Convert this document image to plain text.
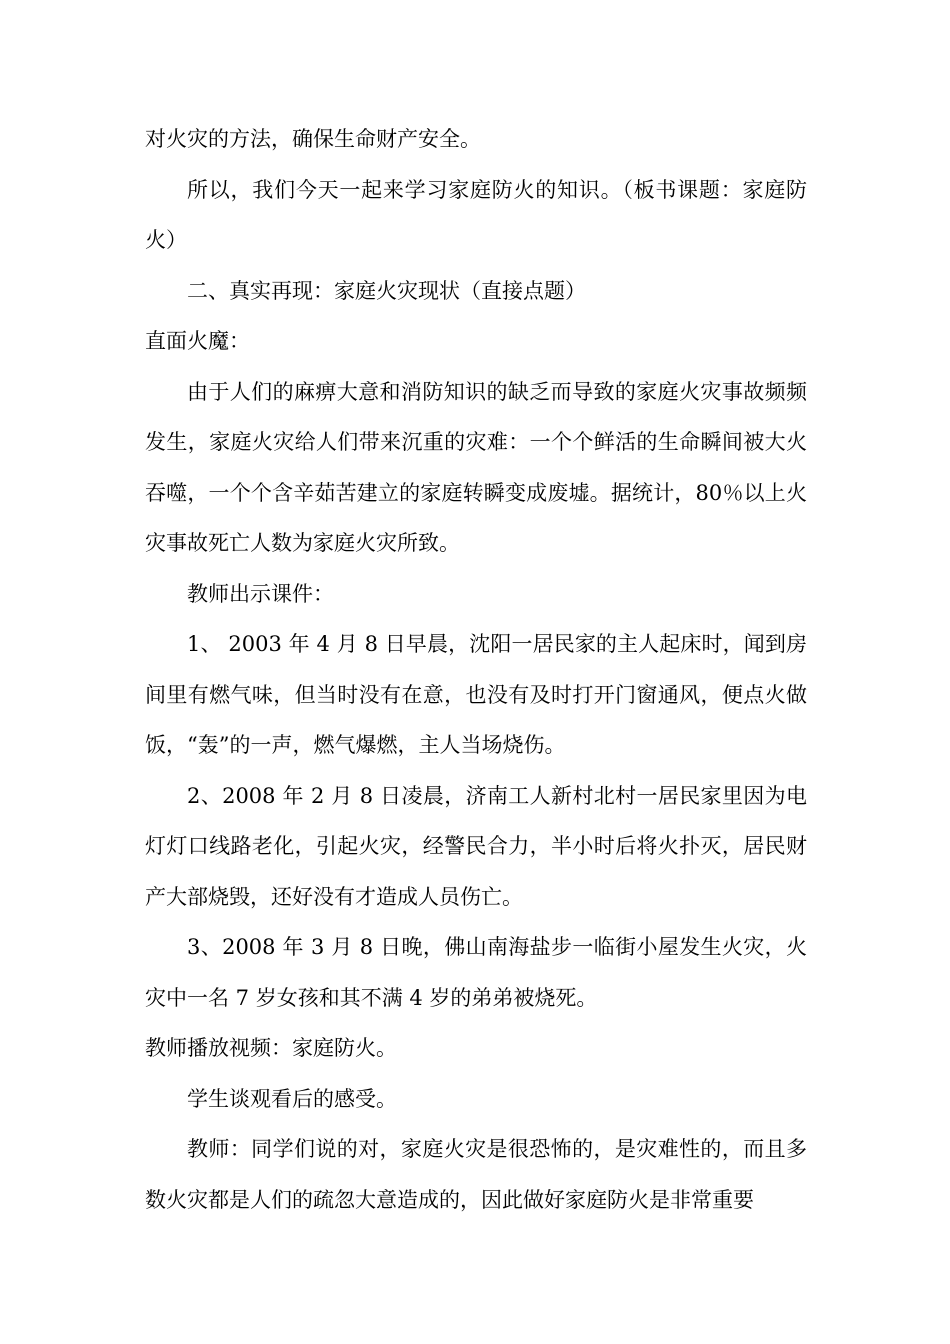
对火灾的方法，确保生命财产安全。

所以，我们今天一起来学习家庭防火的知识。（板书课题：家庭防火）

二、真实再现：家庭火灾现状（直接点题）

直面火魔：

由于人们的麻痹大意和消防知识的缺乏而导致的家庭火灾事故频频发生，家庭火灾给人们带来沉重的灾难：一个个鲜活的生命瞬间被大火吞噬，一个个含辛茹苦建立的家庭转瞬变成废墟。据统计，80％以上火灾事故死亡人数为家庭火灾所致。

教师出示课件：

1、 2003 年 4 月 8 日早晨，沈阳一居民家的主人起床时，闻到房间里有燃气味，但当时没有在意，也没有及时打开门窗通风，便点火做饭，“轰”的一声，燃气爆燃，主人当场烧伤。

2、2008 年 2 月 8 日凌晨，济南工人新村北村一居民家里因为电灯灯口线路老化，引起火灾，经警民合力，半小时后将火扑灭，居民财产大部烧毁，还好没有才造成人员伤亡。

3、2008 年 3 月 8 日晚，佛山南海盐步一临街小屋发生火灾，火灾中一名 7 岁女孩和其不满 4 岁的弟弟被烧死。

教师播放视频：家庭防火。

学生谈观看后的感受。

教师：同学们说的对，家庭火灾是很恐怖的，是灾难性的，而且多数火灾都是人们的疏忽大意造成的，因此做好家庭防火是非常重要
